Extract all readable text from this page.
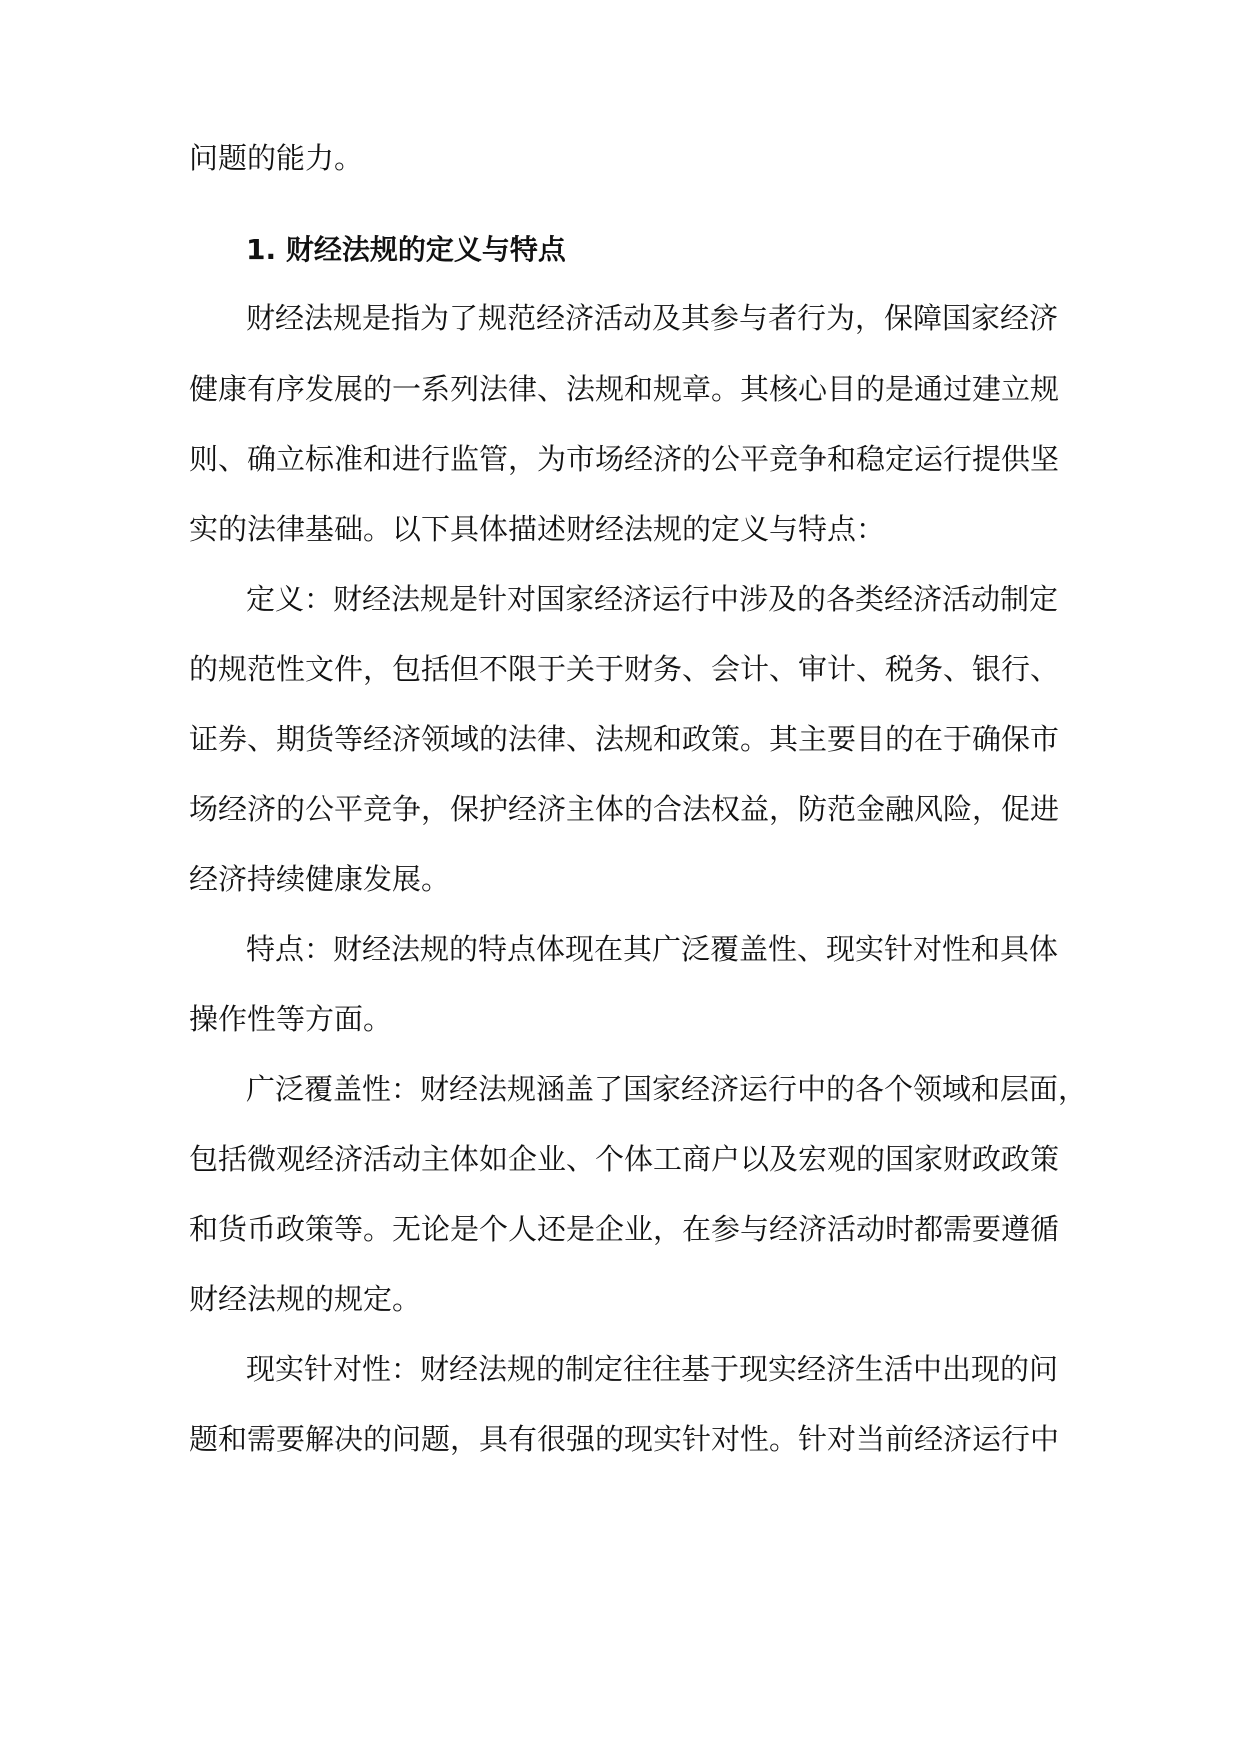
问题的能力。
1. 财经法规的定义与特点
财经法规是指为了规范经济活动及其参与者行为，保障国家经济
健康有序发展的一系列法律、法规和规章。其核心目的是通过建立规
则、确立标准和进行监管，为市场经济的公平竞争和稳定运行提供坚
实的法律基础。以下具体描述财经法规的定义与特点：
定义：财经法规是针对国家经济运行中涉及的各类经济活动制定
的规范性文件，包括但不限于关于财务、会计、审计、税务、银行、
证券、期货等经济领域的法律、法规和政策。其主要目的在于确保市
场经济的公平竞争，保护经济主体的合法权益，防范金融风险，促进
经济持续健康发展。
特点：财经法规的特点体现在其广泛覆盖性、现实针对性和具体
操作性等方面。
广泛覆盖性：财经法规涵盖了国家经济运行中的各个领域和层面，
包括微观经济活动主体如企业、个体工商户以及宏观的国家财政政策
和货币政策等。无论是个人还是企业，在参与经济活动时都需要遵循
财经法规的规定。
现实针对性：财经法规的制定往往基于现实经济生活中出现的问
题和需要解决的问题，具有很强的现实针对性。针对当前经济运行中
